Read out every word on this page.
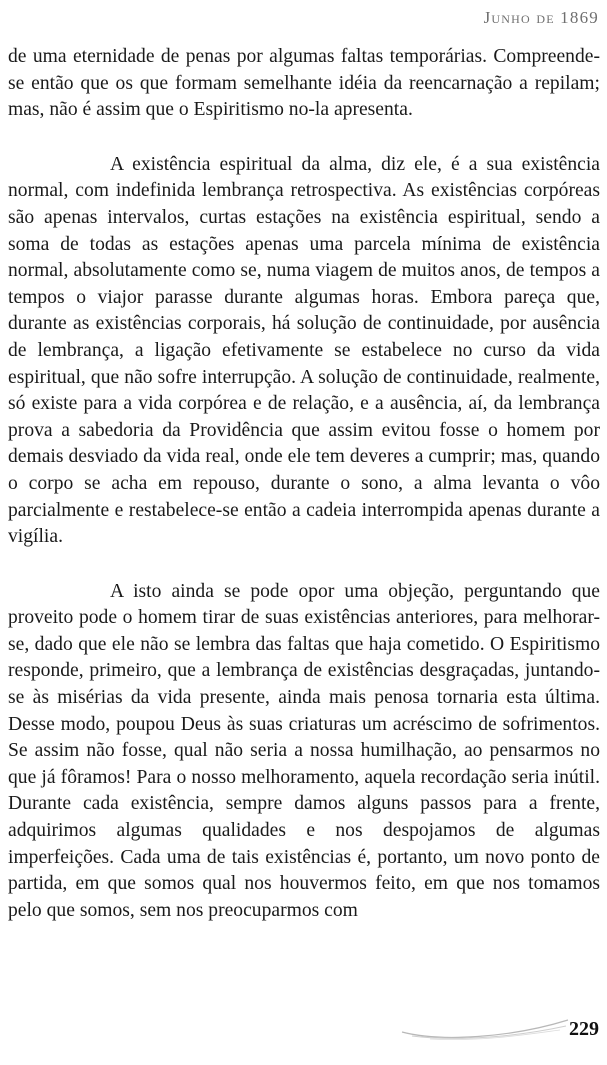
Junho de 1869

de uma eternidade de penas por algumas faltas temporárias. Compreende-se então que os que formam semelhante idéia da reencarnação a repilam; mas, não é assim que o Espiritismo no-la apresenta.

A existência espiritual da alma, diz ele, é a sua existência normal, com indefinida lembrança retrospectiva. As existências corpóreas são apenas intervalos, curtas estações na existência espiritual, sendo a soma de todas as estações apenas uma parcela mínima de existência normal, absolutamente como se, numa viagem de muitos anos, de tempos a tempos o viajor parasse durante algumas horas. Embora pareça que, durante as existências corporais, há solução de continuidade, por ausência de lembrança, a ligação efetivamente se estabelece no curso da vida espiritual, que não sofre interrupção. A solução de continuidade, realmente, só existe para a vida corpórea e de relação, e a ausência, aí, da lembrança prova a sabedoria da Providência que assim evitou fosse o homem por demais desviado da vida real, onde ele tem deveres a cumprir; mas, quando o corpo se acha em repouso, durante o sono, a alma levanta o vôo parcialmente e restabelece-se então a cadeia interrompida apenas durante a vigília.

A isto ainda se pode opor uma objeção, perguntando que proveito pode o homem tirar de suas existências anteriores, para melhorar-se, dado que ele não se lembra das faltas que haja cometido. O Espiritismo responde, primeiro, que a lembrança de existências desgraçadas, juntando-se às misérias da vida presente, ainda mais penosa tornaria esta última. Desse modo, poupou Deus às suas criaturas um acréscimo de sofrimentos. Se assim não fosse, qual não seria a nossa humilhação, ao pensarmos no que já fôramos! Para o nosso melhoramento, aquela recordação seria inútil. Durante cada existência, sempre damos alguns passos para a frente, adquirimos algumas qualidades e nos despojamos de algumas imperfeições. Cada uma de tais existências é, portanto, um novo ponto de partida, em que somos qual nos houvermos feito, em que nos tomamos pelo que somos, sem nos preocuparmos com

229
